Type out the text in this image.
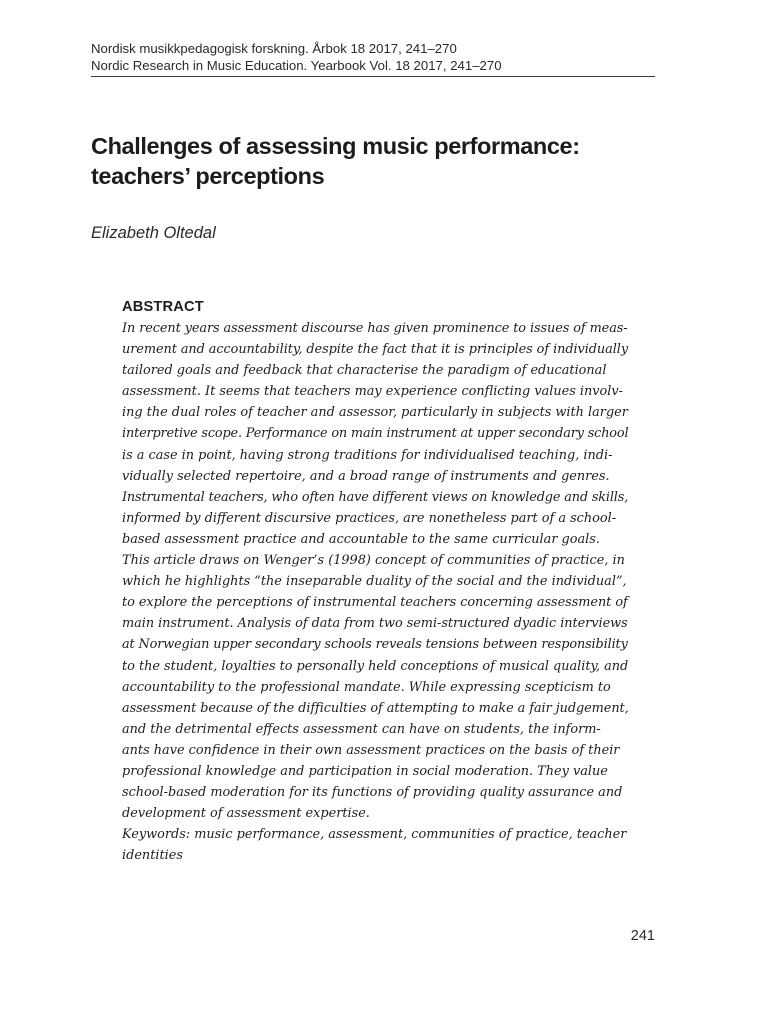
Nordisk musikkpedagogisk forskning. Årbok 18 2017, 241–270
Nordic Research in Music Education. Yearbook Vol. 18 2017, 241–270
Challenges of assessing music performance:
teachers’ perceptions
Elizabeth Oltedal
ABSTRACT
In recent years assessment discourse has given prominence to issues of meas-
urement and accountability, despite the fact that it is principles of individually
tailored goals and feedback that characterise the paradigm of educational
assessment. It seems that teachers may experience conflicting values involv-
ing the dual roles of teacher and assessor, particularly in subjects with larger
interpretive scope. Performance on main instrument at upper secondary school
is a case in point, having strong traditions for individualised teaching, indi-
vidually selected repertoire, and a broad range of instruments and genres.
Instrumental teachers, who often have different views on knowledge and skills,
informed by different discursive practices, are nonetheless part of a school-
based assessment practice and accountable to the same curricular goals.
This article draws on Wenger’s (1998) concept of communities of practice, in
which he highlights “the inseparable duality of the social and the individual”,
to explore the perceptions of instrumental teachers concerning assessment of
main instrument. Analysis of data from two semi-structured dyadic interviews
at Norwegian upper secondary schools reveals tensions between responsibility
to the student, loyalties to personally held conceptions of musical quality, and
accountability to the professional mandate. While expressing scepticism to
assessment because of the difficulties of attempting to make a fair judgement,
and the detrimental effects assessment can have on students, the inform-
ants have confidence in their own assessment practices on the basis of their
professional knowledge and participation in social moderation. They value
school-based moderation for its functions of providing quality assurance and
development of assessment expertise.
Keywords: music performance, assessment, communities of practice, teacher
identities
241
